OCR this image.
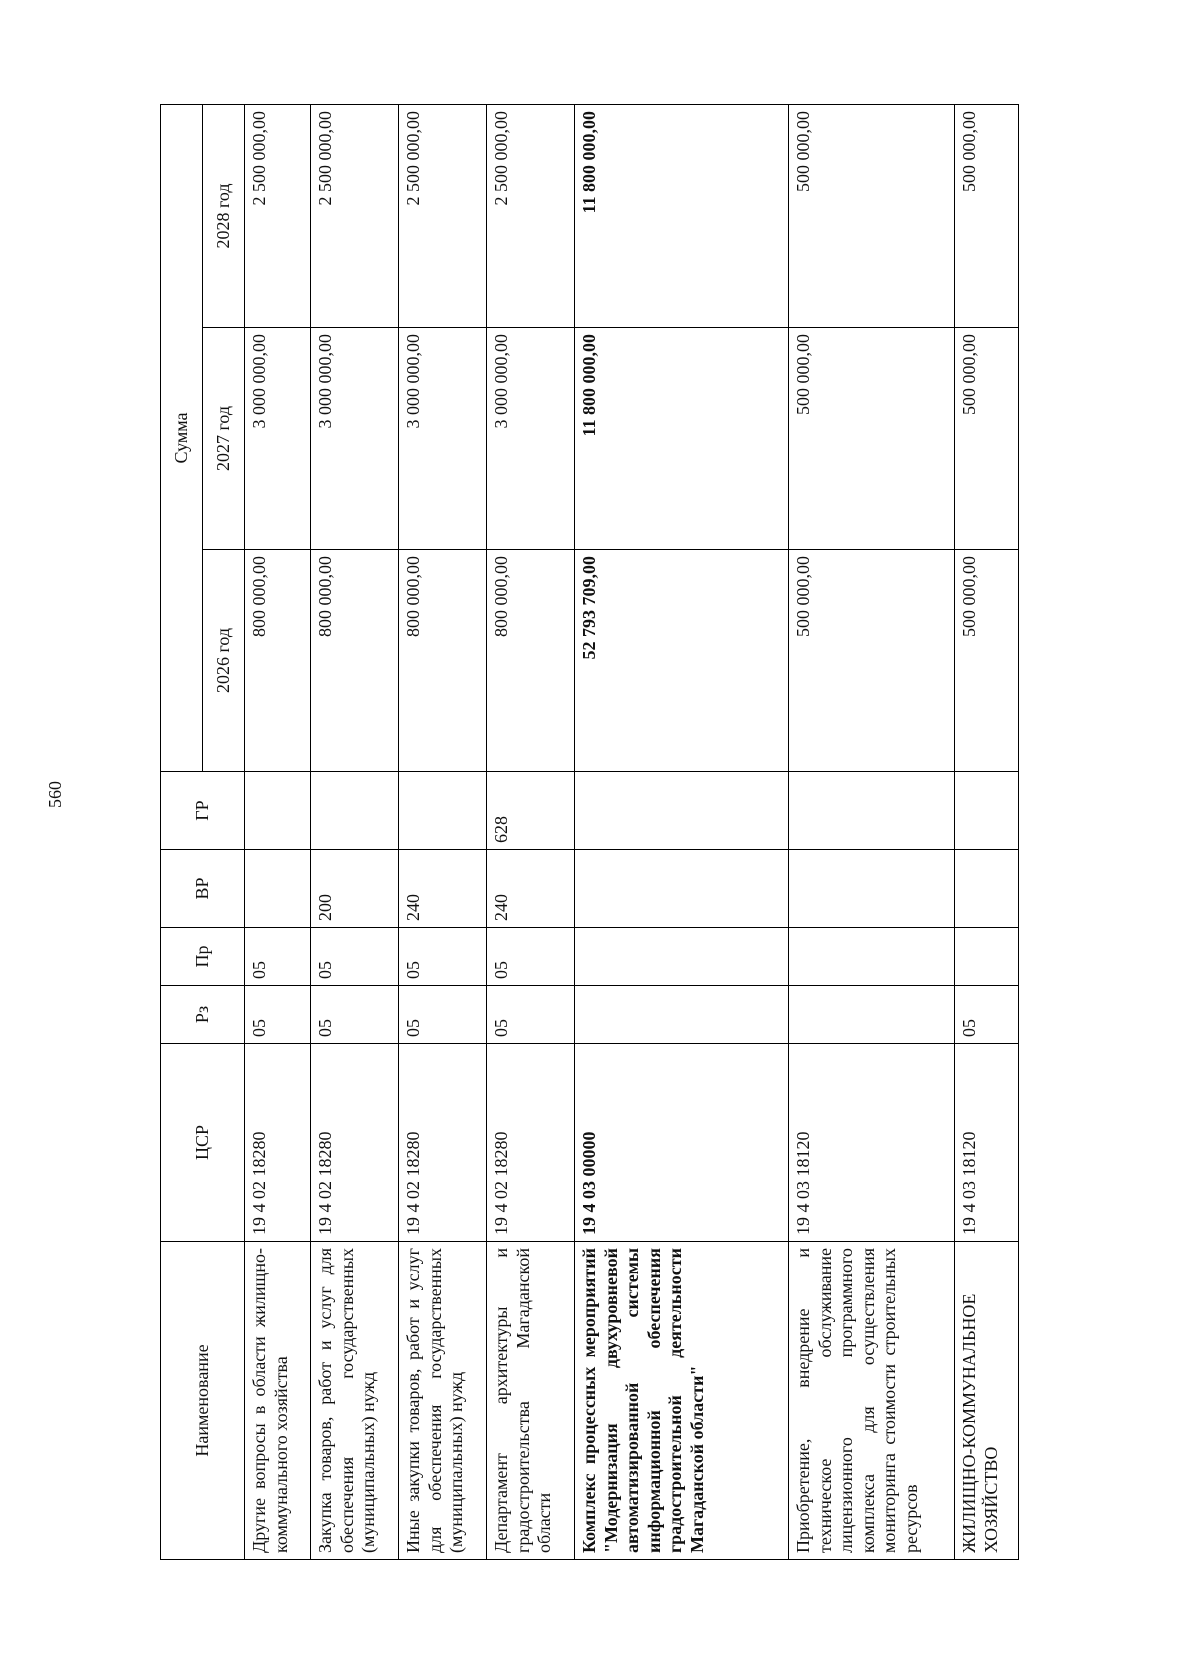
560
Наименование	ЦСР	Рз	Пр	ВР	ГР	Сумма		
						2026 год	2027 год	2028 год
Другие вопросы в области жилищно-коммунального хозяйства	19 4 02 18280	05	05			800 000,00	3 000 000,00	2 500 000,00
Закупка товаров, работ и услуг для обеспечения государственных (муниципальных) нужд	19 4 02 18280	05	05	200		800 000,00	3 000 000,00	2 500 000,00
Иные закупки товаров, работ и услуг для обеспечения государственных (муниципальных) нужд	19 4 02 18280	05	05	240		800 000,00	3 000 000,00	2 500 000,00
Департамент архитектуры и градостроительства Магаданской области	19 4 02 18280	05	05	240	628	800 000,00	3 000 000,00	2 500 000,00
Комплекс процессных мероприятий "Модернизация двухуровневой автоматизированной системы информационной обеспечения градостроительной деятельности Магаданской области"	19 4 03 00000					52 793 709,00	11 800 000,00	11 800 000,00
Приобретение, внедрение и техническое обслуживание лицензионного программного комплекса для осуществления мониторинга стоимости строительных ресурсов	19 4 03 18120					500 000,00	500 000,00	500 000,00
ЖИЛИЩНО-КОММУНАЛЬНОЕ ХОЗЯЙСТВО	19 4 03 18120	05				500 000,00	500 000,00	500 000,00
